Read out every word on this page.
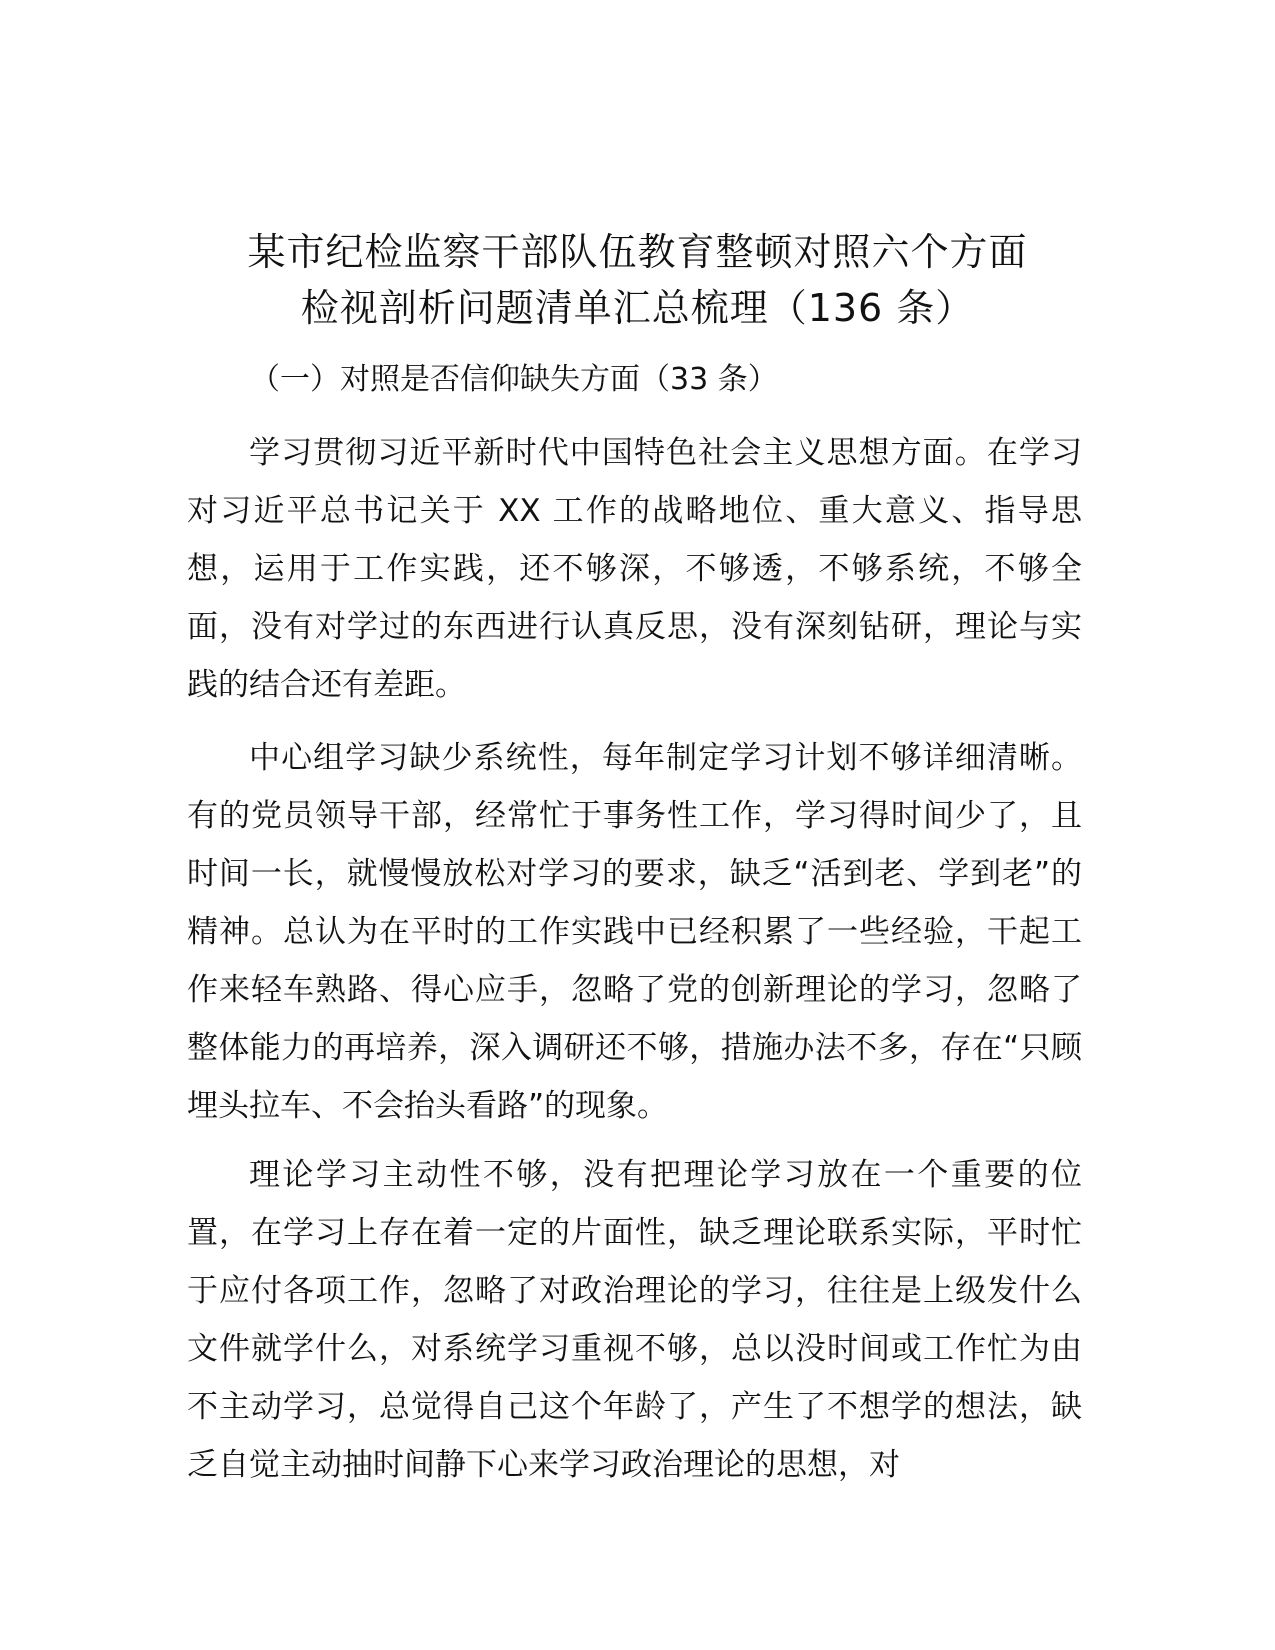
某市纪检监察干部队伍教育整顿对照六个方面
检视剖析问题清单汇总梳理（136 条）

（一）对照是否信仰缺失方面（33 条）

学习贯彻习近平新时代中国特色社会主义思想方面。在学习对习近平总书记关于 XX 工作的战略地位、重大意义、指导思想，运用于工作实践，还不够深，不够透，不够系统，不够全面，没有对学过的东西进行认真反思，没有深刻钻研，理论与实践的结合还有差距。

中心组学习缺少系统性，每年制定学习计划不够详细清晰。有的党员领导干部，经常忙于事务性工作，学习得时间少了，且时间一长，就慢慢放松对学习的要求，缺乏“活到老、学到老”的精神。总认为在平时的工作实践中已经积累了一些经验，干起工作来轻车熟路、得心应手，忽略了党的创新理论的学习，忽略了整体能力的再培养，深入调研还不够，措施办法不多，存在“只顾埋头拉车、不会抬头看路”的现象。

理论学习主动性不够，没有把理论学习放在一个重要的位置，在学习上存在着一定的片面性，缺乏理论联系实际，平时忙于应付各项工作，忽略了对政治理论的学习，往往是上级发什么文件就学什么，对系统学习重视不够，总以没时间或工作忙为由不主动学习，总觉得自己这个年龄了，产生了不想学的想法，缺乏自觉主动抽时间静下心来学习政治理论的思想，对
